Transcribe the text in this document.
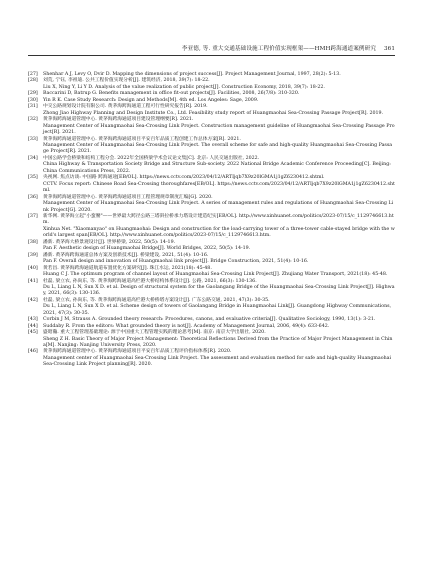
李亚德, 等. 重大交通基础设施工程价值实现框架——HMH跨海通道案例研究 361
[27] Shenhar A J, Levy O, Dvir D. Mapping the dimensions of project success[J]. Project Management Journal, 1997, 28(2): 5-13.
[28] 刘荒, 宁钰, 李祖迪. 公共工程价值实现分析[J]. 建筑经济, 2018, 39(7): 18-22.
Liu X, Ning Y, Li Y D. Analysis of the value realization of public project[J]. Construction Economy, 2018, 39(7): 18-22.
[29] Baccarini D, Batrup G. Benefits management in office fit-out projects[J]. Facilities, 2008, 26(7/8): 310-320.
[30] Yin R K. Case Study Research: Design and Methods[M]. 4th ed. Los Angeles: Sage, 2009.
[31] 中交公路规划设计院有限公司. 黄茅海跨海通道工程可行性研究报告[R]. 2019.
Zhong Jiao Highway Planning and Design Institute Co., Ltd. Feasibility study report of Huangmaohai Sea-Crossing Passage Project[R]. 2019.
[32] 黄茅海跨海通道管理中心. 黄茅海跨海通道项目建设管理纲要[R]. 2021.
Management Center of Huangmaohai Sea-Crossing Link Project. Construction management guideline of Huangmaohai Sea-Crossing Passage Project[R]. 2021.
[33] 黄茅海跨海通道管理中心. 黄茅海跨海通道项目平安百年品质工程创建工作总体方案[R]. 2021.
Management Center of Huangmaohai Sea-Crossing Link Project. The overall scheme for safe and high-quality Huangmaohai Sea-Crossing Passage Project[R]. 2021.
[34] 中国公路学会桥梁和结构工程分会. 2022年全国桥梁学术会议论文集[C]. 北京: 人民交通出版社, 2022.
China Highway & Transportation Society Bridge and Structure Sub-society. 2022 National Bridge Academic Conference Proceeding[C]. Beijing: China Communications Press, 2022.
[35] 央视网. 焦点访谈: 中国路 跨海通途[EB/OL]. https://news.cctv.com/2023/04/12/ARTIjqb7X9z20lGMA1j1gZ6230412.shtml.
CCTV. Focus report: Chinese Road Sea-Crossing thoroughfares[EB/OL]. https://news.cctv.com/2023/04/12/ARTIjqb7X9z20lGMA1j1gZ6230412.shtml.
[36] 黄茅海跨海通道管理中心. 黄茅海跨海通道项目工程管理规章制度汇编[G]. 2020.
Management Center of Huangmaohai Sea-Crossing Link Project. A series of management rules and regulations of Huangmaohai Sea-Crossing Link Project[G]. 2020.
[37] 新华网. 黄茅海立起"小蛮腰"——世界最大跨径公路三塔斜拉桥承力塔设计建造纪实[EB/OL]. http://www.xinhuanet.com/politics/2023-07/15/c_1129746613.htm.
Xinhua Net. "Xiaomanyao" on Huangmaohai: Design and construction for the load-carrying tower of a three-tower cable-stayed bridge with the world's largest span[EB/OL]. http://www.xinhuanet.com/politics/2023-07/15/c_1129746613.htm.
[38] 潘新. 黄茅海大桥景观设计[J]. 世界桥梁, 2022, 50(5): 14-19.
Pan F. Aesthetic design of Huangmaohai Bridge[J]. World Bridges, 2022, 50(5): 14-19.
[39] 潘新. 黄茅海跨海通道总体方案及创新技术[J]. 桥梁建设, 2021, 51(4): 10-16.
Pan F. Overall design and innovation of Huangmaohai link project[J]. Bridge Construction, 2021, 51(4): 10-16.
[40] 黄若昌. 黄茅海跨海通道航道布置优化方案研究[J]. 珠江水运, 2021(18): 45-48.
Huang C J. The optimum program of channel layout of Huangmaohai Sea-Crossing Link Project[J]. Zhujiang Water Transport, 2021(18): 45-48.
[41] 杜磊, 梁立农, 孙尚东, 等. 黄茅海跨海通道高栏港大桥结构体系设计[J]. 公路, 2021, 66(3): 130-136.
Du L, Liang L N, Sun X D. et al. Design of structural system for the Gaolangang Bridge of the Huangmaohai Sea-Crossing Link Project[J]. Highway, 2021, 66(3): 130-136.
[42] 杜磊, 梁立农, 孙尚东, 等. 黄茅海跨海通道高栏港大桥桥塔方案设计[J]. 广东公路交通, 2021, 47(3): 30-35.
Du L, Liang L N, Sun X D. et al. Scheme design of towers of Gaolangang Bridge in Huangmaohai Link[J]. Guangdong Highway Communications, 2021, 47(3): 30-35.
[43] Corbin J M, Strauss A. Grounded theory research: Procedures, canons, and evaluative criteria[J]. Qualitative Sociology, 1990, 13(1): 3-21.
[44] Suddaby R. From the editors: What grounded theory is not[J]. Academy of Management Journal, 2006, 49(4): 633-642.
[45] 盛昭瀚. 重大工程管理基础理论: 源于中国重大工程管理实践的理论思考[M]. 南京: 南京大学出版社, 2020.
Sheng Z H. Basic Theory of Major Project Management: Theoretical Reflections Derived from the Practice of Major Project Management in China[M]. Nanjing: Nanjing University Press, 2020.
[46] 黄茅海跨海通道管理中心. 黄茅海跨海通道项目平安百年品质工程评价指标体系[R]. 2020.
Management center of Huangmaohai Sea-Crossing Link Project. The assessment and evaluation method for safe and high-quality Huangmaohai Sea-Crossing Link Project planning[R]. 2020.
